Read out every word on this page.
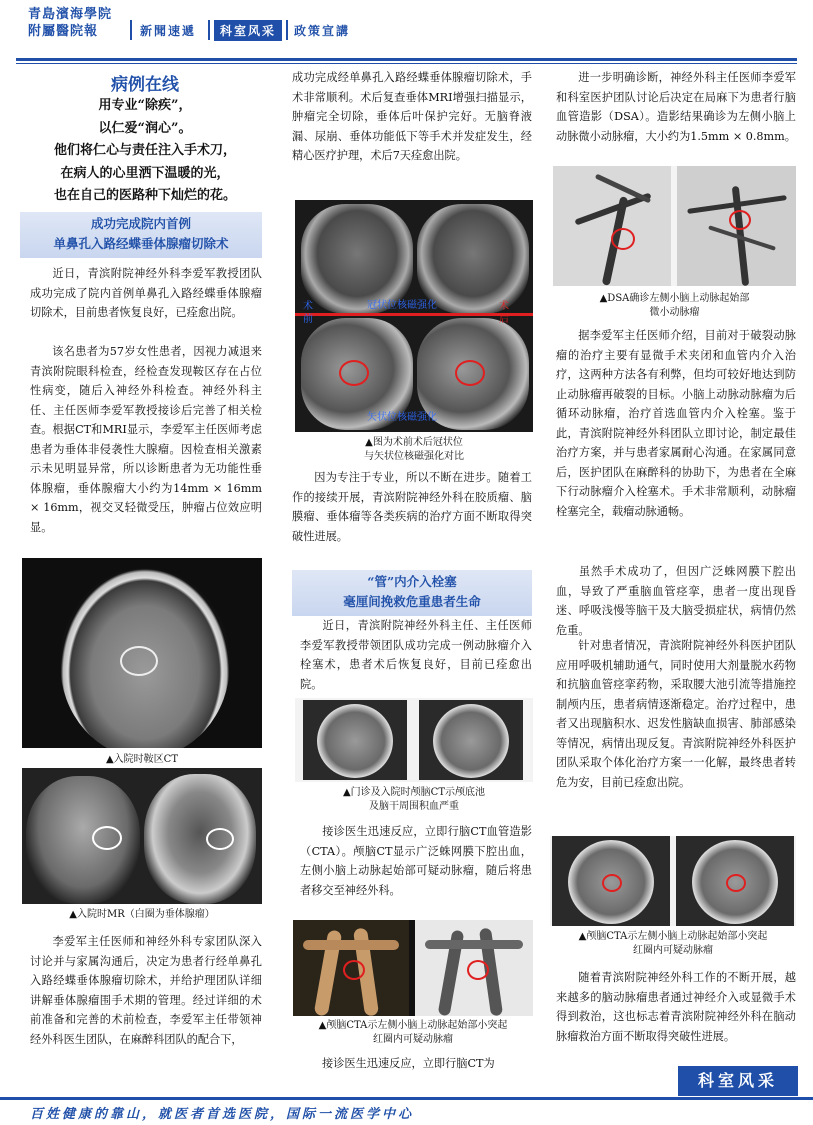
青島濱海學院
附屬醫院報	新聞速遞	科室风采	政策宣講
病例在线
用专业“除疾”，
以仁爱“润心”。
他们将仁心与责任注入手术刀，
在病人的心里洒下温暖的光，
也在自己的医路种下灿烂的花。
成功完成院内首例
单鼻孔入路经蝶垂体腺瘤切除术
近日，青滨附院神经外科李爱军教授团队成功完成了院内首例单鼻孔入路经蝶垂体腺瘤切除术，目前患者恢复良好，已痊愈出院。
该名患者为57岁女性患者，因视力减退来青滨附院眼科检查，经检查发现鞍区存在占位性病变，随后入神经外科检查。神经外科主任、主任医师李爱军教授接诊后完善了相关检查。根据CT和MRI显示，李爱军主任医师考虑患者为垂体非侵袭性大腺瘤。因检查相关激素示未见明显异常，所以诊断患者为无功能性垂体腺瘤，垂体腺瘤大小约为14mm × 16mm × 16mm，视交叉轻微受压，肿瘤占位效应明显。
▲入院时鞍区CT
▲入院时MR（白圈为垂体腺瘤）
李爱军主任医师和神经外科专家团队深入讨论并与家属沟通后，决定为患者行经单鼻孔入路经蝶垂体腺瘤切除术，并给护理团队详细讲解垂体腺瘤围手术期的管理。经过详细的术前准备和完善的术前检查，李爱军主任带领神经外科医生团队，在麻醉科团队的配合下，
成功完成经单鼻孔入路经蝶垂体腺瘤切除术，手术非常顺利。术后复查垂体MRI增强扫描显示，肿瘤完全切除，垂体后叶保护完好。无脑脊液漏、尿崩、垂体功能低下等手术并发症发生，经精心医疗护理，术后7天痊愈出院。
冠状位核磁强化
矢状位核磁强化
术前
术后
▲图为术前术后冠状位
与矢状位核磁强化对比
因为专注于专业，所以不断在进步。随着工作的接续开展，青滨附院神经外科在胶质瘤、脑膜瘤、垂体瘤等各类疾病的治疗方面不断取得突破性进展。
“管”内介入栓塞
毫厘间挽救危重患者生命
近日，青滨附院神经外科主任、主任医师李爱军教授带领团队成功完成一例动脉瘤介入栓塞术，患者术后恢复良好，目前已痊愈出院。
▲门诊及入院时颅脑CT示颅底池
及脑干周围积血严重
接诊医生迅速反应，立即行脑CT血管造影（CTA）。颅脑CT显示广泛蛛网膜下腔出血，左侧小脑上动脉起始部可疑动脉瘤，随后将患者移交至神经外科。
▲颅脑CTA示左侧小脑上动脉起始部小突起
红圈内可疑动脉瘤
接诊医生迅速反应，立即行脑CT为
进一步明确诊断，神经外科主任医师李爱军和科室医护团队讨论后决定在局麻下为患者行脑血管造影（DSA）。造影结果确诊为左侧小脑上动脉微小动脉瘤，大小约为1.5mm × 0.8mm。
▲DSA确诊左侧小脑上动脉起始部
微小动脉瘤
据李爱军主任医师介绍，目前对于破裂动脉瘤的治疗主要有显微手术夹闭和血管内介入治疗，这两种方法各有利弊，但均可较好地达到防止动脉瘤再破裂的目标。小脑上动脉动脉瘤为后循环动脉瘤，治疗首选血管内介入栓塞。鉴于此，青滨附院神经外科团队立即讨论，制定最佳治疗方案，并与患者家属耐心沟通。在家属同意后，医护团队在麻醉科的协助下，为患者在全麻下行动脉瘤介入栓塞术。手术非常顺利，动脉瘤栓塞完全，载瘤动脉通畅。
虽然手术成功了，但因广泛蛛网膜下腔出血，导致了严重脑血管痉挛，患者一度出现昏迷、呼吸浅慢等脑干及大脑受损症状，病情仍然危重。
针对患者情况，青滨附院神经外科医护团队应用呼吸机辅助通气，同时使用大剂量脱水药物和抗脑血管痉挛药物，采取腰大池引流等措施控制颅内压，患者病情逐渐稳定。治疗过程中，患者又出现脑积水、迟发性脑缺血损害、肺部感染等情况，病情出现反复。青滨附院神经外科医护团队采取个体化治疗方案一一化解，最终患者转危为安，目前已痊愈出院。
▲颅脑CTA示左侧小脑上动脉起始部小突起
红圈内可疑动脉瘤
随着青滨附院神经外科工作的不断开展，越来越多的脑动脉瘤患者通过神经介入或显微手术得到救治，这也标志着青滨附院神经外科在脑动脉瘤救治方面不断取得突破性进展。
科室风采
百姓健康的靠山，就医者首选医院，国际一流医学中心
